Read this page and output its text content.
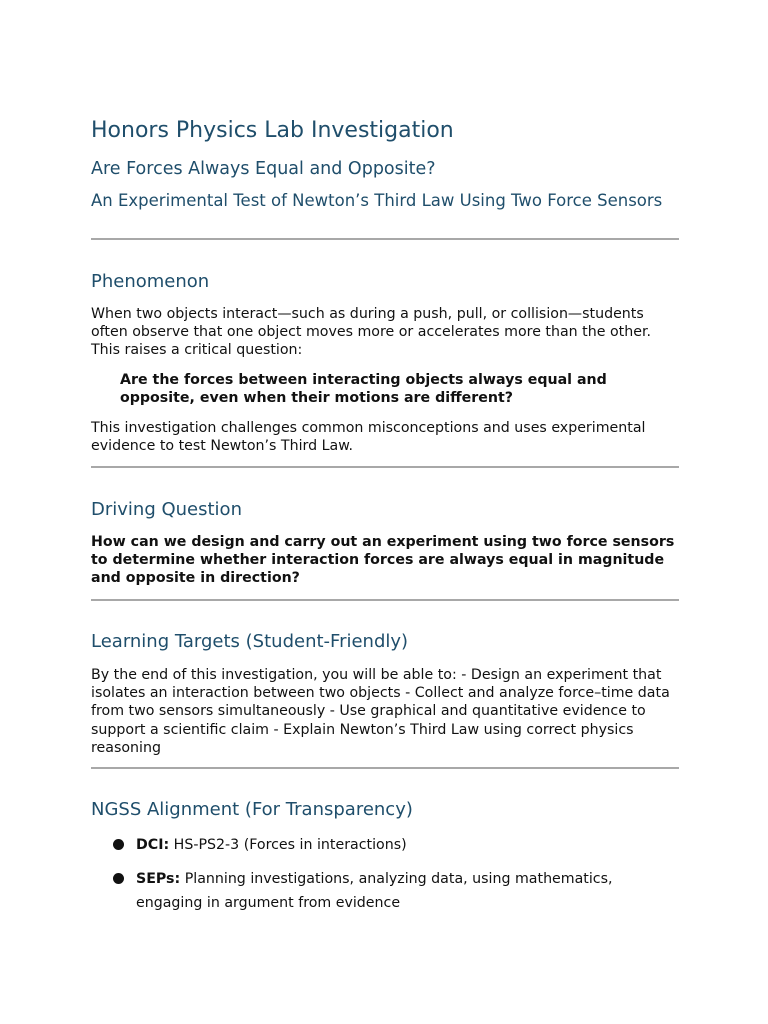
Honors Physics Lab Investigation
Are Forces Always Equal and Opposite?
An Experimental Test of Newton’s Third Law Using Two Force Sensors
Phenomenon

When two objects interact—such as during a push, pull, or collision—students often observe that one object moves more or accelerates more than the other. This raises a critical question:

Are the forces between interacting objects always equal and opposite, even when their motions are different?

This investigation challenges common misconceptions and uses experimental evidence to test Newton’s Third Law.

Driving Question

How can we design and carry out an experiment using two force sensors to determine whether interaction forces are always equal in magnitude and opposite in direction?

Learning Targets (Student-Friendly)

By the end of this investigation, you will be able to: - Design an experiment that isolates an interaction between two objects - Collect and analyze force–time data from two sensors simultaneously - Use graphical and quantitative evidence to support a scientific claim - Explain Newton’s Third Law using correct physics reasoning

NGSS Alignment (For Transparency)
DCI: HS-PS2-3 (Forces in interactions)
SEPs: Planning investigations, analyzing data, using mathematics, engaging in argument from evidence
